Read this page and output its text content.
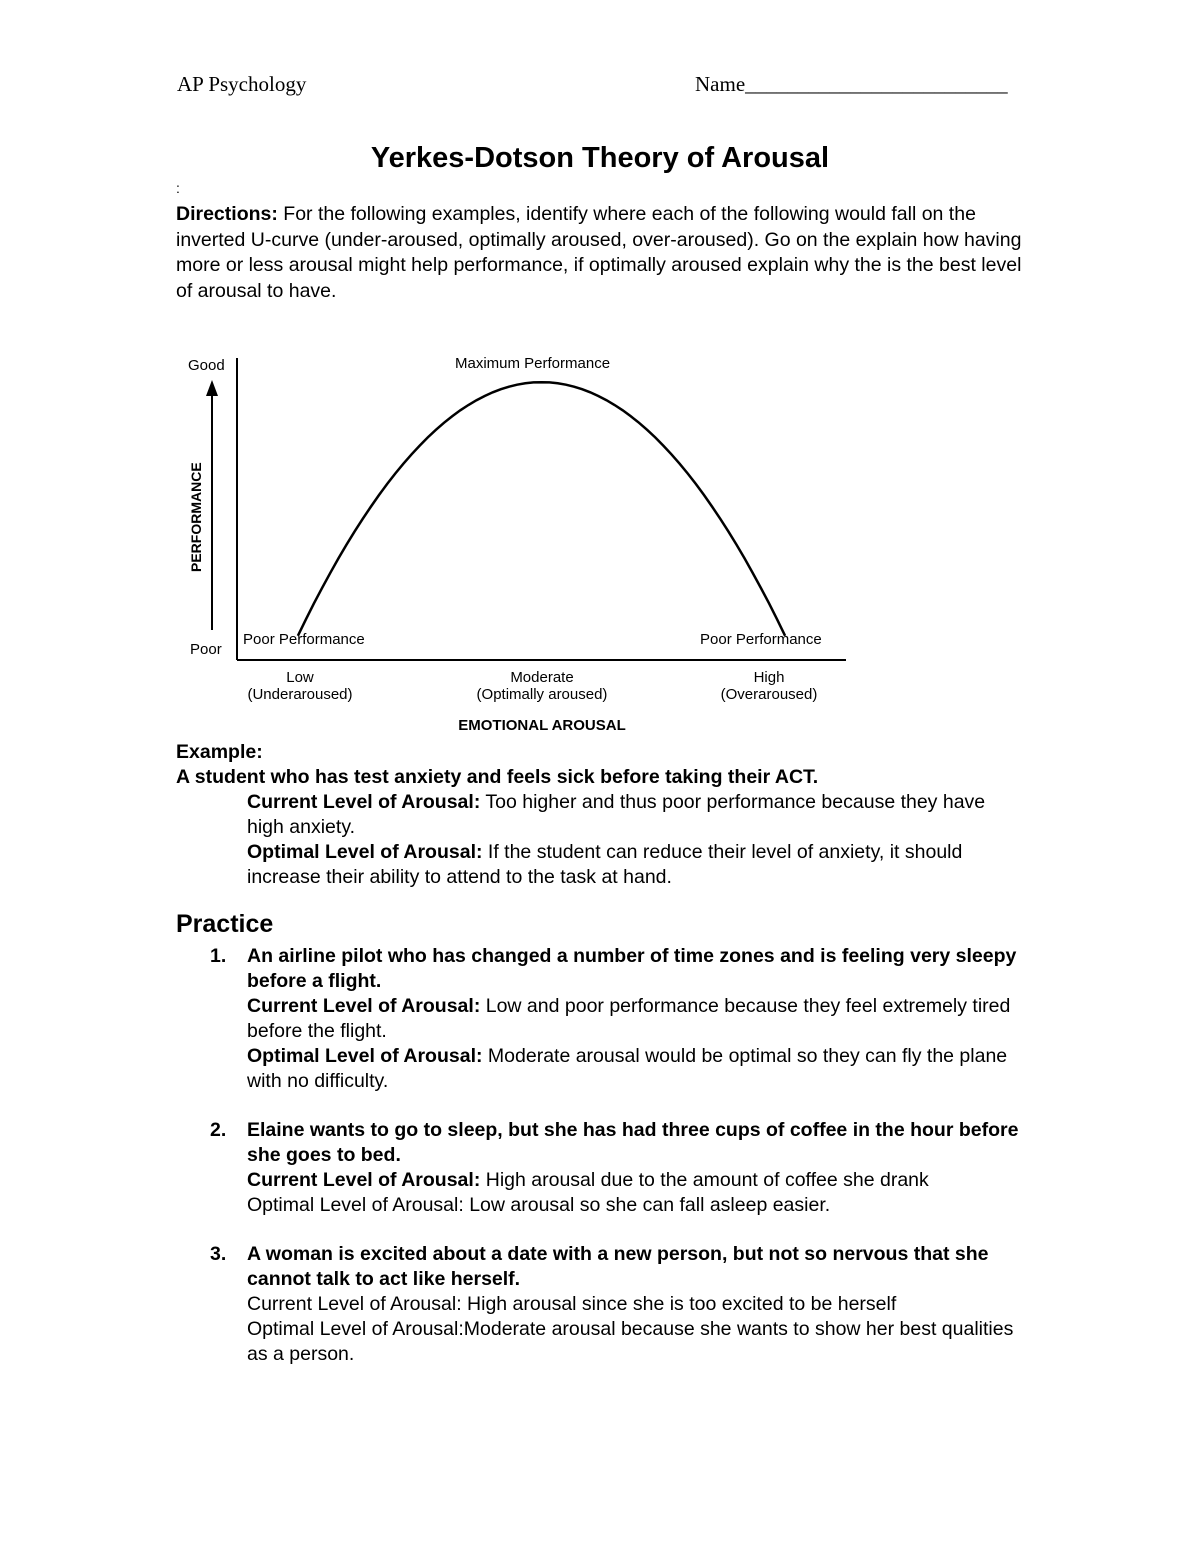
AP Psychology	Name_________________________
Yerkes-Dotson Theory of Arousal
:
Directions: For the following examples, identify where each of the following would fall on the inverted U-curve (under-aroused, optimally aroused, over-aroused). Go on the explain how having more or less arousal might help performance, if optimally aroused explain why the is the best level of arousal to have.
Good
Poor
PERFORMANCE
Maximum Performance
Poor Performance	Poor Performance
Low
(Underaroused)
Moderate
(Optimally aroused)
High
(Overaroused)
EMOTIONAL AROUSAL
Example:
A student who has test anxiety and feels sick before taking their ACT.
Current Level of Arousal: Too higher and thus poor performance because they have high anxiety.
Optimal Level of Arousal: If the student can reduce their level of anxiety, it should increase their ability to attend to the task at hand.
Practice
1. An airline pilot who has changed a number of time zones and is feeling very sleepy before a flight.
Current Level of Arousal: Low and poor performance because they feel extremely tired before the flight.
Optimal Level of Arousal: Moderate arousal would be optimal so they can fly the plane with no difficulty.
2. Elaine wants to go to sleep, but she has had three cups of coffee in the hour before she goes to bed.
Current Level of Arousal: High arousal due to the amount of coffee she drank
Optimal Level of Arousal: Low arousal so she can fall asleep easier.
3. A woman is excited about a date with a new person, but not so nervous that she cannot talk to act like herself.
Current Level of Arousal: High arousal since she is too excited to be herself
Optimal Level of Arousal:Moderate arousal because she wants to show her best qualities as a person.
